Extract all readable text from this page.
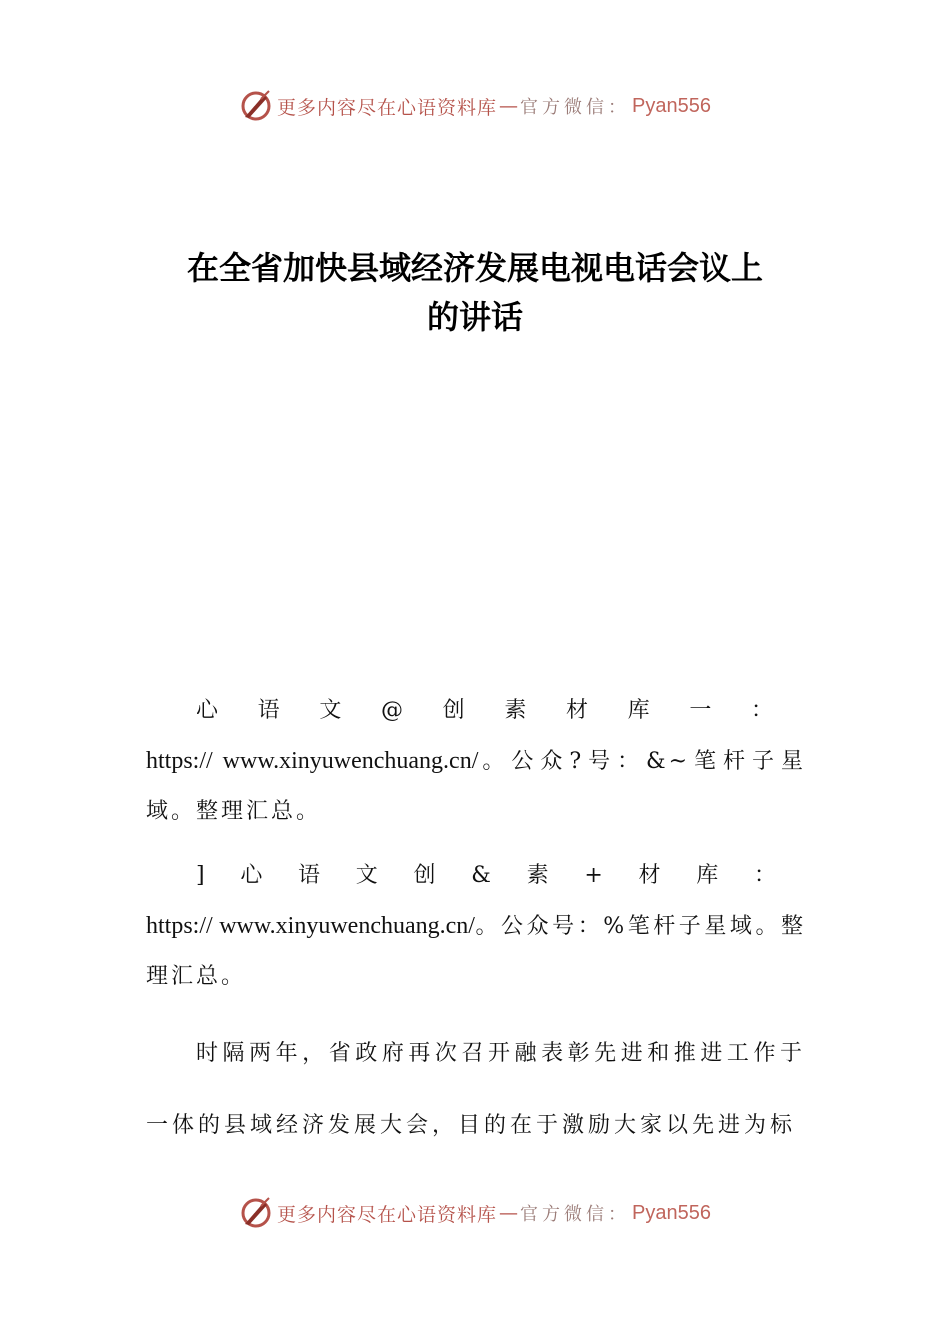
更多内容尽在心语资料库 — 官方微信： Pyan556
在全省加快县域经济发展电视电话会议上
的讲话
心语文@创素材库一：https:// www.xinyuwenchuang.cn/。公众?号：&~笔杆子星域。整理汇总。
]心语文创&素+材库：https:// www.xinyuwenchuang.cn/。公众号：%笔杆子星域。整理汇总。
时隔两年，省政府再次召开融表彰先进和推进工作于一体的县域经济发展大会，目的在于激励大家以先进为标
更多内容尽在心语资料库 — 官方微信： Pyan556
